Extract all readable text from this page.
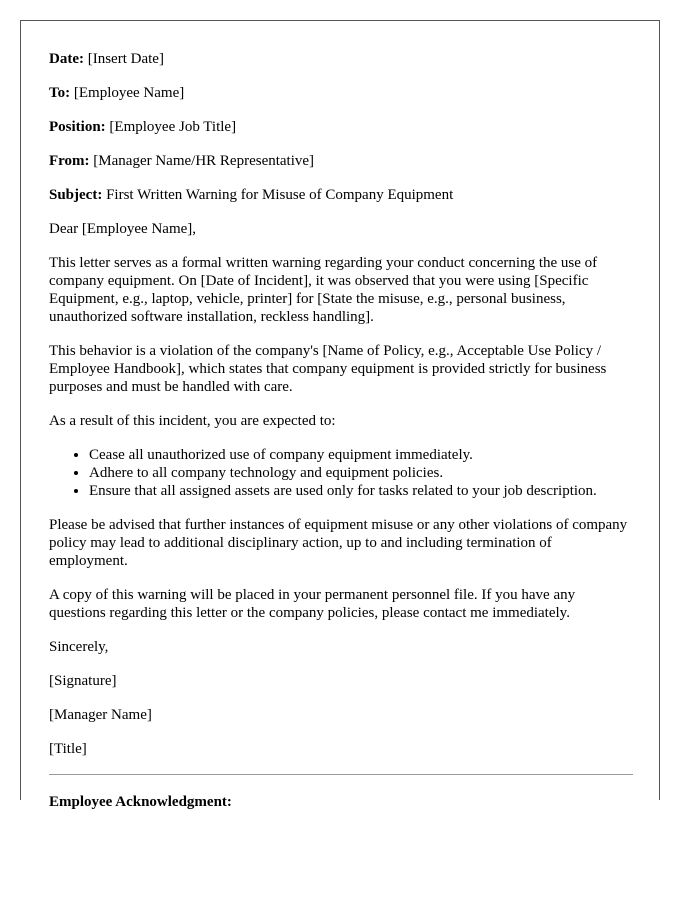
Date: [Insert Date]

To: [Employee Name]

Position: [Employee Job Title]

From: [Manager Name/HR Representative]

Subject: First Written Warning for Misuse of Company Equipment

Dear [Employee Name],

This letter serves as a formal written warning regarding your conduct concerning the use of company equipment. On [Date of Incident], it was observed that you were using [Specific Equipment, e.g., laptop, vehicle, printer] for [State the misuse, e.g., personal business, unauthorized software installation, reckless handling].

This behavior is a violation of the company's [Name of Policy, e.g., Acceptable Use Policy / Employee Handbook], which states that company equipment is provided strictly for business purposes and must be handled with care.

As a result of this incident, you are expected to:

• Cease all unauthorized use of company equipment immediately.
• Adhere to all company technology and equipment policies.
• Ensure that all assigned assets are used only for tasks related to your job description.

Please be advised that further instances of equipment misuse or any other violations of company policy may lead to additional disciplinary action, up to and including termination of employment.

A copy of this warning will be placed in your permanent personnel file. If you have any questions regarding this letter or the company policies, please contact me immediately.

Sincerely,

[Signature]

[Manager Name]

[Title]

Employee Acknowledgment:
